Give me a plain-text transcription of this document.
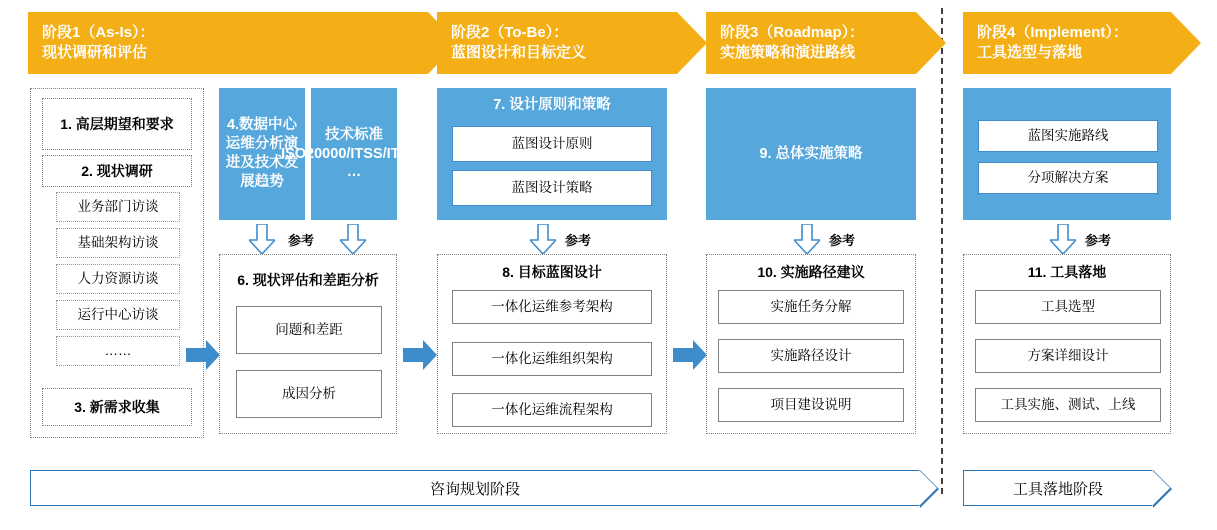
阶段1（As-Is）：
现状调研和评估
阶段2（To-Be）：
蓝图设计和目标定义
阶段3（Roadmap）：
实施策略和演进路线
阶段4（Implement）：
工具选型与落地
1. 高层期望和要求
2. 现状调研
业务部门访谈
基础架构访谈
人力资源访谈
运行中心访谈
……
3. 新需求收集
4.数据中心运维分析演进及技术发展趋势
技术标准ISO20000/ITSS/ITIL… …
参考
6. 现状评估和差距分析
问题和差距
成因分析
7. 设计原则和策略
蓝图设计原则
蓝图设计策略
参考
8. 目标蓝图设计
一体化运维参考架构
一体化运维组织架构
一体化运维流程架构
9. 总体实施策略
参考
10. 实施路径建议
实施任务分解
实施路径设计
项目建设说明
蓝图实施路线
分项解决方案
参考
11. 工具落地
工具选型
方案详细设计
工具实施、测试、上线
咨询规划阶段	工具落地阶段
